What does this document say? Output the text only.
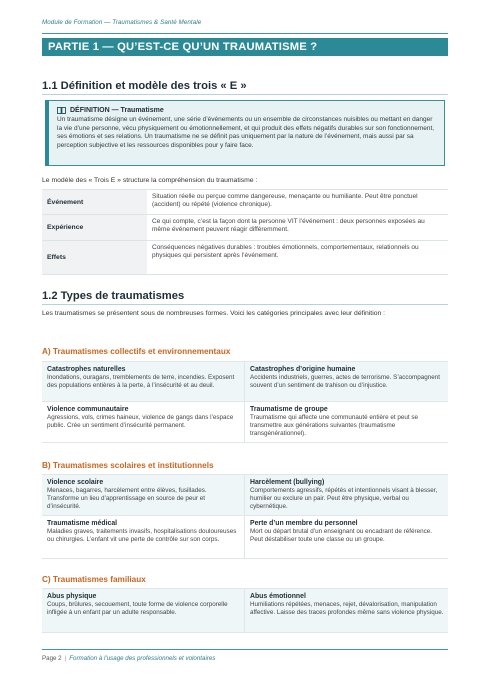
Module de Formation — Traumatismes & Santé Mentale
PARTIE 1 — QU’EST-CE QU’UN TRAUMATISME ?
1.1 Définition et modèle des trois « E »
DÉFINITION — Traumatisme
Un traumatisme désigne un événement, une série d’événements ou un ensemble de circonstances nuisibles ou mettant en danger la vie d’une personne, vécu physiquement ou émotionnellement, et qui produit des effets négatifs durables sur son fonctionnement, ses émotions et ses relations. Un traumatisme ne se définit pas uniquement par la nature de l’événement, mais aussi par sa perception subjective et les ressources disponibles pour y faire face.
Le modèle des « Trois E » structure la compréhension du traumatisme :
Événement
Situation réelle ou perçue comme dangereuse, menaçante ou humiliante. Peut être ponctuel (accident) ou répété (violence chronique).
Expérience
Ce qui compte, c’est la façon dont la personne VIT l’événement : deux personnes exposées au même événement peuvent réagir différemment.
Effets
Conséquences négatives durables : troubles émotionnels, comportementaux, relationnels ou physiques qui persistent après l’événement.
1.2 Types de traumatismes
Les traumatismes se présentent sous de nombreuses formes. Voici les catégories principales avec leur définition :
A) Traumatismes collectifs et environnementaux
Catastrophes naturelles
Inondations, ouragans, tremblements de terre, incendies. Exposent des populations entières à la perte, à l’insécurité et au deuil.
Catastrophes d’origine humaine
Accidents industriels, guerres, actes de terrorisme. S’accompagnent souvent d’un sentiment de trahison ou d’injustice.
Violence communautaire
Agressions, vols, crimes haineux, violence de gangs dans l’espace public. Crée un sentiment d’insécurité permanent.
Traumatisme de groupe
Traumatisme qui affecte une communauté entière et peut se transmettre aux générations suivantes (traumatisme transgénérationnel).
B) Traumatismes scolaires et institutionnels
Violence scolaire
Menaces, bagarres, harcèlement entre élèves, fusillades. Transforme un lieu d’apprentissage en source de peur et d’insécurité.
Harcèlement (bullying)
Comportements agressifs, répétés et intentionnels visant à blesser, humilier ou exclure un pair. Peut être physique, verbal ou cybernétique.
Traumatisme médical
Maladies graves, traitements invasifs, hospitalisations douloureuses ou chirurgies. L’enfant vit une perte de contrôle sur son corps.
Perte d’un membre du personnel
Mort ou départ brutal d’un enseignant ou encadrant de référence. Peut déstabiliser toute une classe ou un groupe.
C) Traumatismes familiaux
Abus physique
Coups, brûlures, secouement, toute forme de violence corporelle infligée à un enfant par un adulte responsable.
Abus émotionnel
Humiliations répétées, menaces, rejet, dévalorisation, manipulation affective. Laisse des traces profondes même sans violence physique.
Page 2 | Formation à l’usage des professionnels et volontaires
